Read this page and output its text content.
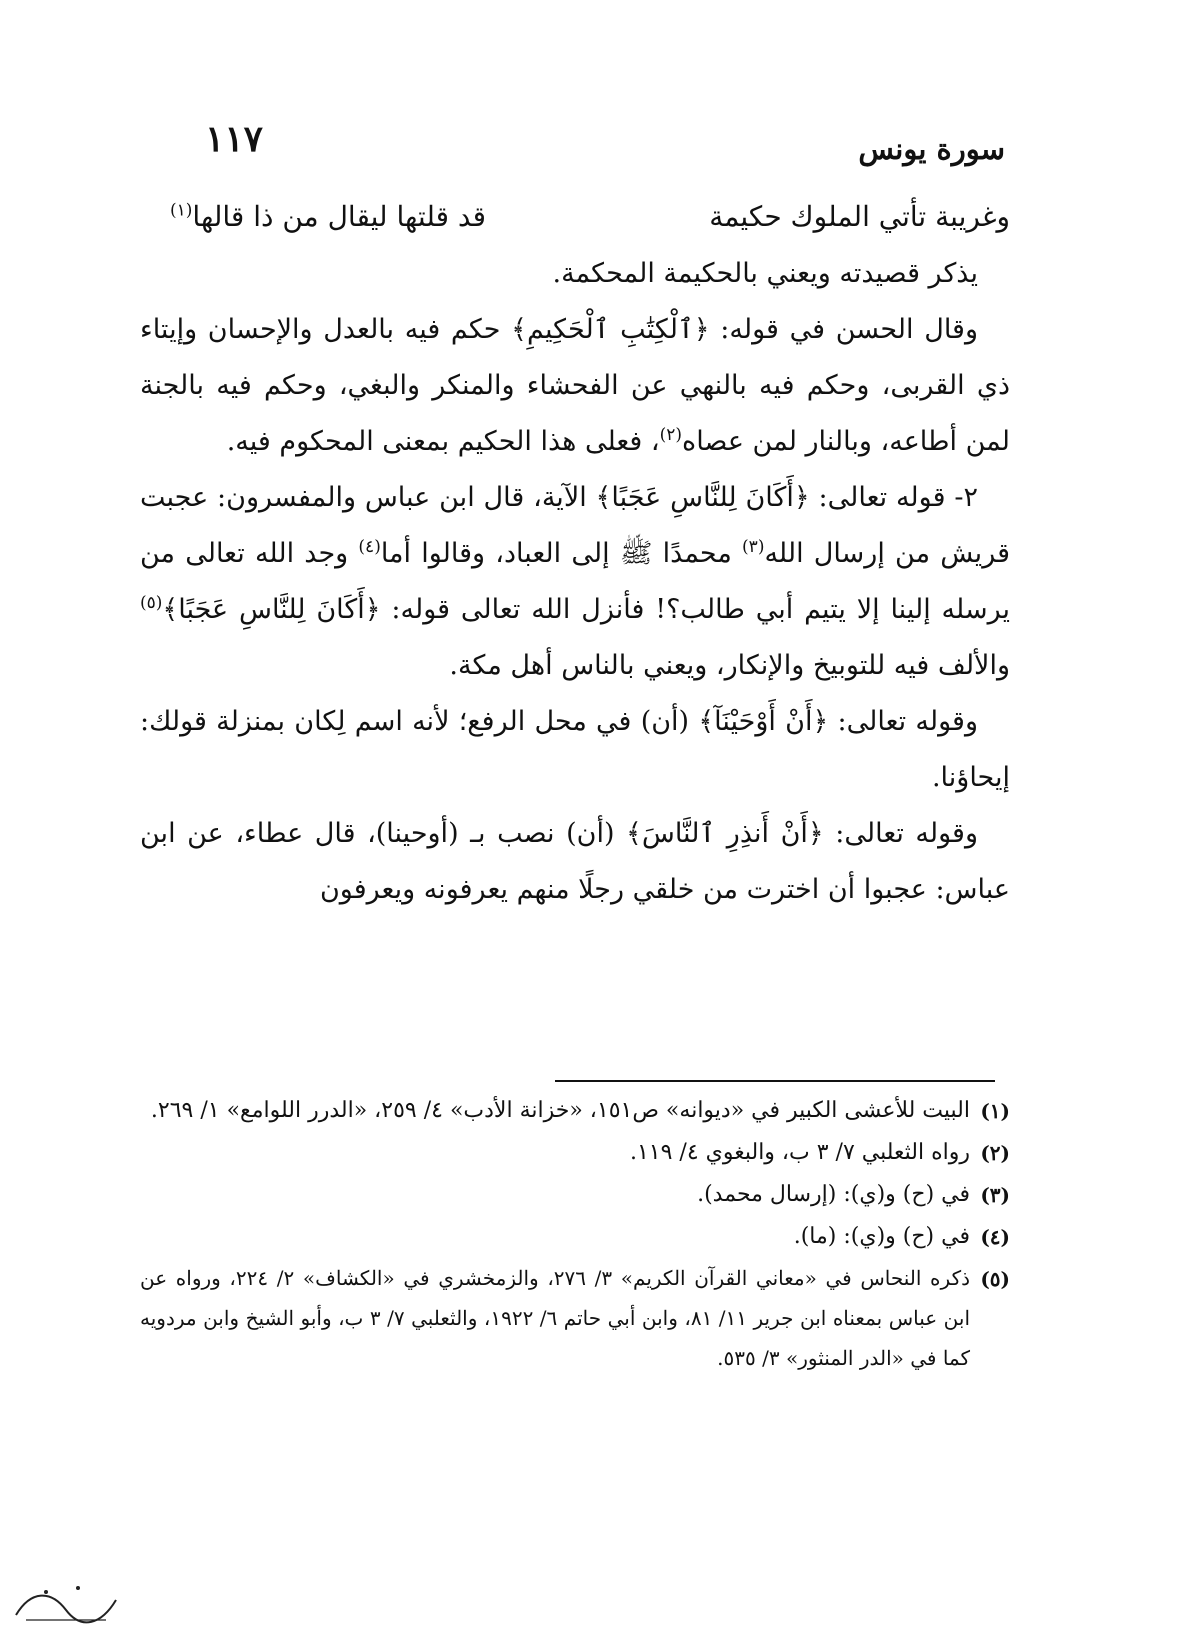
سورة يونس
١١٧
وغريبة تأتي الملوك حكيمة
قد قلتها ليقال من ذا قالها$^{(١)}$

يذكر قصيدته ويعني بالحكيمة المحكمة.

وقال الحسن في قوله: ﴿ٱلْكِتَٰبِ ٱلْحَكِيمِ﴾ حكم فيه بالعدل والإحسان وإيتاء ذي القربى، وحكم فيه بالنهي عن الفحشاء والمنكر والبغي، وحكم فيه بالجنة لمن أطاعه، وبالنار لمن عصاه$^{(٢)}$، فعلى هذا الحكيم بمعنى المحكوم فيه.

٢- قوله تعالى: ﴿أَكَانَ لِلنَّاسِ عَجَبًا﴾ الآية، قال ابن عباس والمفسرون: عجبت قريش من إرسال الله$^{(٣)}$ محمدًا ﷺ إلى العباد، وقالوا أما$^{(٤)}$ وجد الله تعالى من يرسله إلينا إلا يتيم أبي طالب؟! فأنزل الله تعالى قوله: ﴿أَكَانَ لِلنَّاسِ عَجَبًا﴾$^{(٥)}$ والألف فيه للتوبيخ والإنكار، ويعني بالناس أهل مكة.

وقوله تعالى: ﴿أَنْ أَوْحَيْنَآ﴾ (أن) في محل الرفع؛ لأنه اسم لِكان بمنزلة قولك: إيحاؤنا.

وقوله تعالى: ﴿أَنْ أَنذِرِ ٱلنَّاسَ﴾ (أن) نصب بـ (أوحينا)، قال عطاء، عن ابن عباس: عجبوا أن اخترت من خلقي رجلًا منهم يعرفونه ويعرفون

(١)
البيت للأعشى الكبير في «ديوانه» ص١٥١، «خزانة الأدب» ٤/ ٢٥٩، «الدرر اللوامع» ١/ ٢٦٩.
(٢)
رواه الثعلبي ٧/ ٣ ب، والبغوي ٤/ ١١٩.
(٣)
في (ح) و(ي): (إرسال محمد).
(٤)
في (ح) و(ي): (ما).
(٥)
ذكره النحاس في «معاني القرآن الكريم» ٣/ ٢٧٦، والزمخشري في «الكشاف» ٢/ ٢٢٤، ورواه عن ابن عباس بمعناه ابن جرير ١١/ ٨١، وابن أبي حاتم ٦/ ١٩٢٢، والثعلبي ٧/ ٣ ب، وأبو الشيخ وابن مردويه كما في «الدر المنثور» ٣/ ٥٣٥.
